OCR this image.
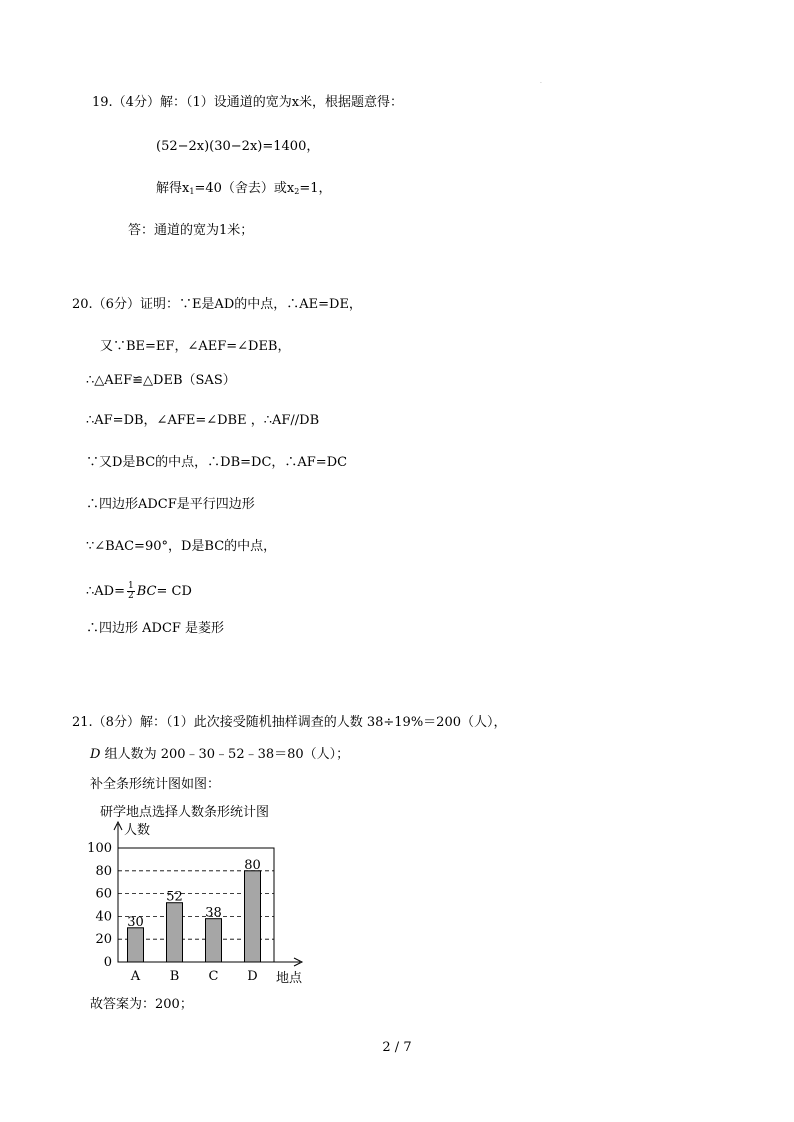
·
19.（4分）解：（1）设通道的宽为x米，根据题意得：
(52−2x)(30−2x)=1400，
解得$x_1=40$（舍去）或$x_2=1$，
答：通道的宽为1米；
20.（6分）证明：∵E是AD的中点，∴AE=DE，
又∵BE=EF，∠AEF=∠DEB，
∴△AEF≌△DEB（SAS）
∴AF=DB，∠AFE=∠DBE ，∴AF//DB
∵又D是BC的中点，∴DB=DC，∴AF=DC
∴四边形ADCF是平行四边形
∵∠BAC=90°，D是BC的中点，
∴AD= $\frac{1}{2} BC=$ CD
∴四边形 ADCF 是菱形
21.（8分）解：（1）此次接受随机抽样调查的人数 38÷19%＝200（人），
D 组人数为 200﹣30﹣52﹣38＝80（人）；
补全条形统计图如图：
研学地点选择人数条形统计图
人数
0
20
40
60
80
100
地点
30
A
52
B
38
C
80
D
故答案为：200；
2 / 7
